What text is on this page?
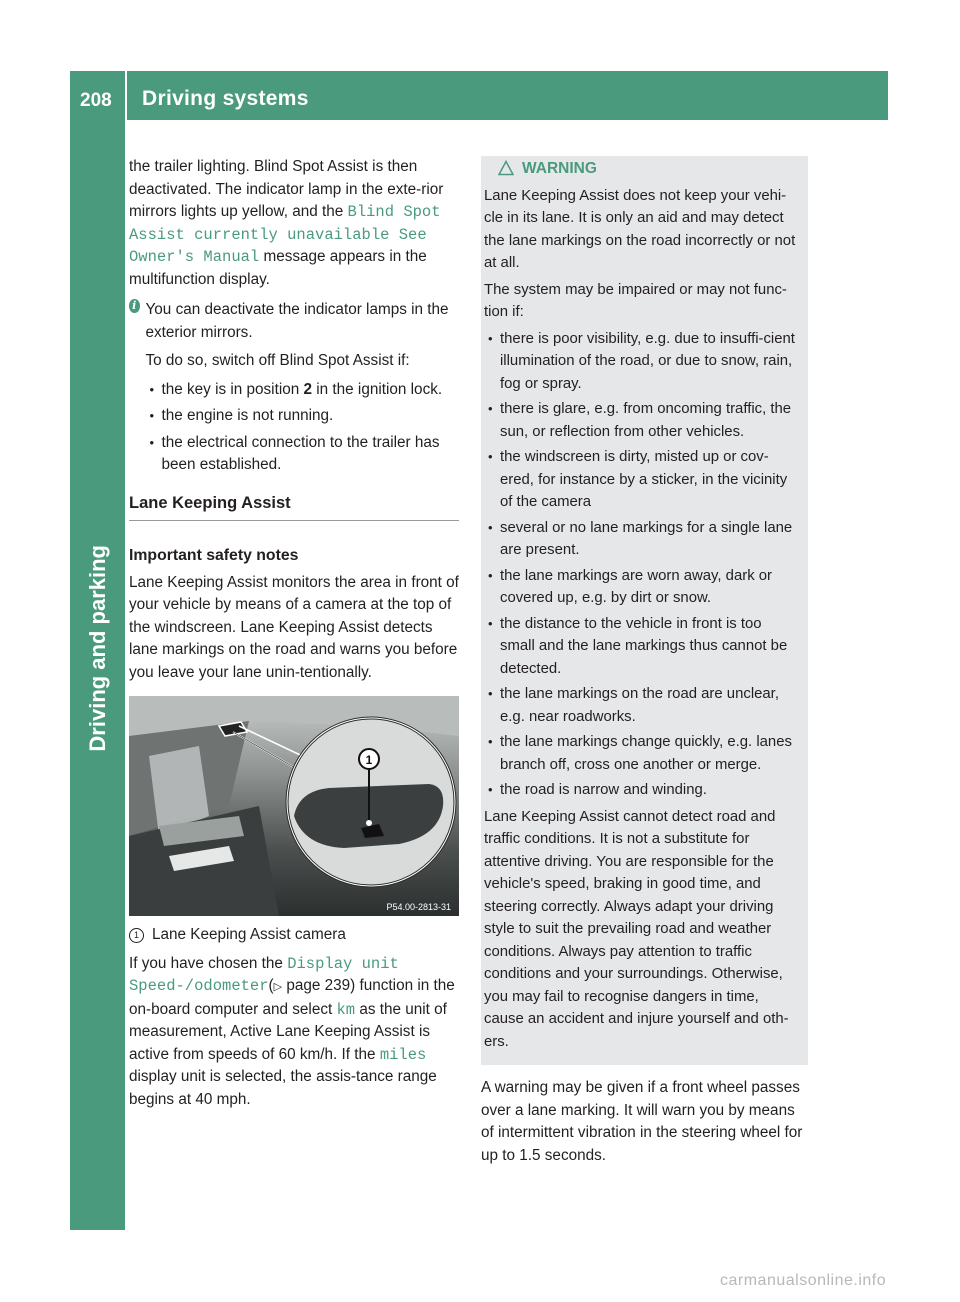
208 Driving systems
Driving and parking

the trailer lighting. Blind Spot Assist is then deactivated. The indicator lamp in the exte-rior mirrors lights up yellow, and the Blind Spot Assist currently unavailable See Owner's Manual message appears in the multifunction display.

i You can deactivate the indicator lamps in the exterior mirrors.

To do so, switch off Blind Spot Assist if:

• the key is in position 2 in the ignition lock.
• the engine is not running.
• the electrical connection to the trailer has been established.
Lane Keeping Assist
Important safety notes

Lane Keeping Assist monitors the area in front of your vehicle by means of a camera at the top of the windscreen. Lane Keeping Assist detects lane markings on the road and warns you before you leave your lane unin-tentionally.

1
P54.00-2813-31

1 Lane Keeping Assist camera

If you have chosen the Display unit Speed-/odometer(▷ page 239) function in the on-board computer and select km as the unit of measurement, Active Lane Keeping Assist is active from speeds of 60 km/h. If the miles display unit is selected, the assis-tance range begins at 40 mph.

WARNING

Lane Keeping Assist does not keep your vehi-cle in its lane. It is only an aid and may detect the lane markings on the road incorrectly or not at all.

The system may be impaired or may not func-tion if:

• there is poor visibility, e.g. due to insuffi-cient illumination of the road, or due to snow, rain, fog or spray.
• there is glare, e.g. from oncoming traffic, the sun, or reflection from other vehicles.
• the windscreen is dirty, misted up or cov-ered, for instance by a sticker, in the vicinity of the camera
• several or no lane markings for a single lane are present.
• the lane markings are worn away, dark or covered up, e.g. by dirt or snow.
• the distance to the vehicle in front is too small and the lane markings thus cannot be detected.
• the lane markings on the road are unclear, e.g. near roadworks.
• the lane markings change quickly, e.g. lanes branch off, cross one another or merge.
• the road is narrow and winding.

Lane Keeping Assist cannot detect road and traffic conditions. It is not a substitute for attentive driving. You are responsible for the vehicle's speed, braking in good time, and steering correctly. Always adapt your driving style to suit the prevailing road and weather conditions. Always pay attention to traffic conditions and your surroundings. Otherwise, you may fail to recognise dangers in time, cause an accident and injure yourself and oth-ers.

A warning may be given if a front wheel passes over a lane marking. It will warn you by means of intermittent vibration in the steering wheel for up to 1.5 seconds.

carmanualsonline.info
